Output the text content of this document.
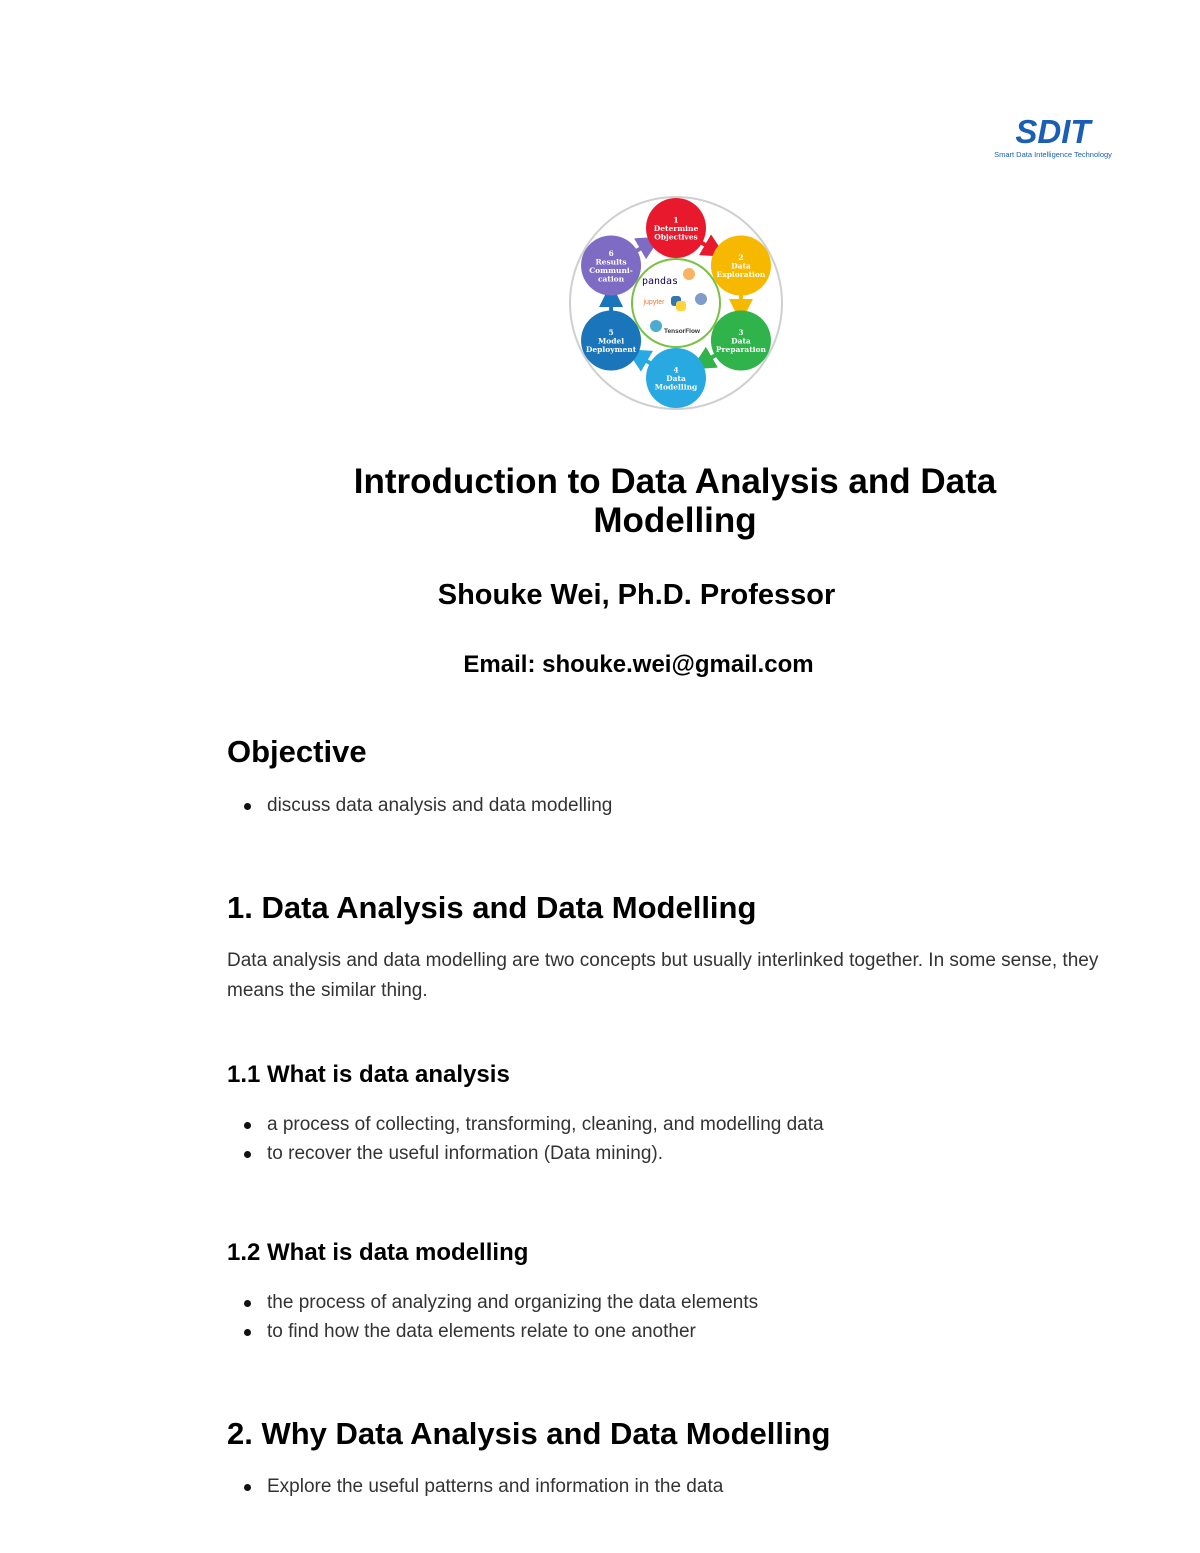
SDIT
Smart Data Intelligence Technology
1
Determine
Objectives
2
Data
Exploration
3
Data
Preparation
4
Data
Modelling
5
Model
Deployment
6
Results
Communi-
cation pandas
jupyter
TensorFlow
Introduction to Data Analysis and Data Modelling
Shouke Wei, Ph.D. Professor
Email: shouke.wei@gmail.com
Objective
discuss data analysis and data modelling
1. Data Analysis and Data Modelling

Data analysis and data modelling are two concepts but usually interlinked together. In some sense, they means the similar thing.

1.1 What is data analysis
a process of collecting, transforming, cleaning, and modelling data
to recover the useful information (Data mining).
1.2 What is data modelling
the process of analyzing and organizing the data elements
to find how the data elements relate to one another
2. Why Data Analysis and Data Modelling
Explore the useful patterns and information in the data
